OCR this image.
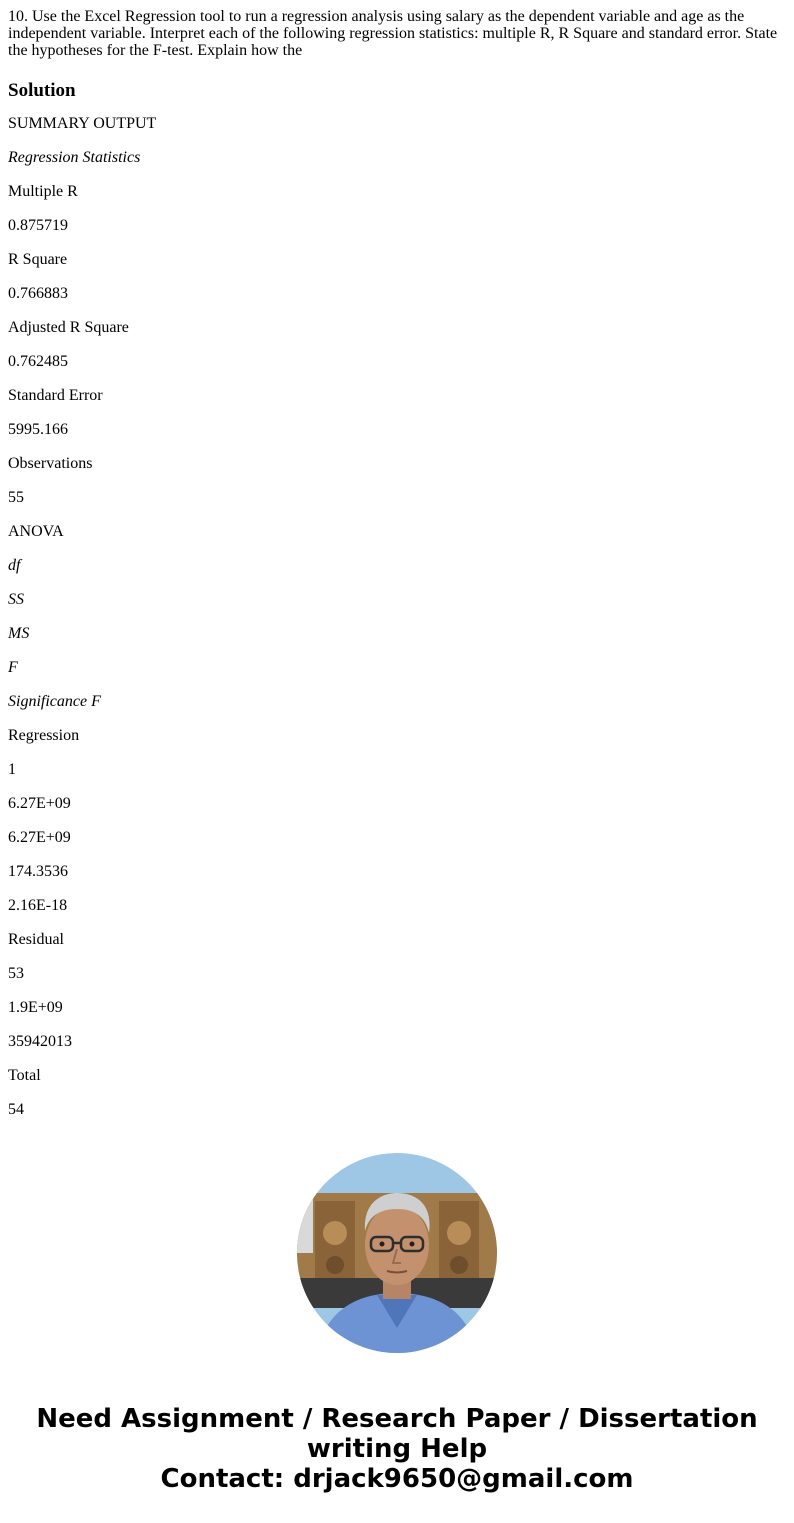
10. Use the Excel Regression tool to run a regression analysis using salary as the dependent variable and age as the independent variable. Interpret each of the following regression statistics: multiple R, R Square and standard error. State the hypotheses for the F-test. Explain how the

Solution

SUMMARY OUTPUT

Regression Statistics

Multiple R

0.875719

R Square

0.766883

Adjusted R Square

0.762485

Standard Error

5995.166

Observations

55

ANOVA

df

SS

MS

F

Significance F

Regression

1

6.27E+09

6.27E+09

174.3536

2.16E-18

Residual

53

1.9E+09

35942013

Total

54

Need Assignment / Research Paper / Dissertation
writing Help
Contact: drjack9650@gmail.com
